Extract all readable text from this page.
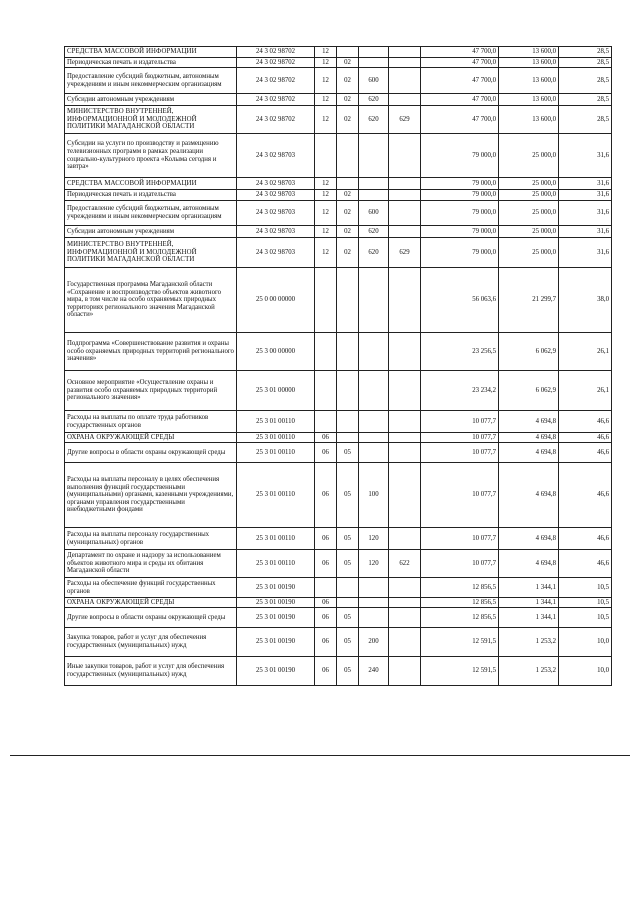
СРЕДСТВА МАССОВОЙ ИНФОРМАЦИИ	24 3 02 98702	12				47 700,0	13 600,0	28,5
Периодическая печать и издательства	24 3 02 98702	12	02			47 700,0	13 600,0	28,5
Предоставление субсидий бюджетным, автономным учреждениям и иным некоммерческим организациям	24 3 02 98702	12	02	600		47 700,0	13 600,0	28,5
Субсидии автономным учреждениям	24 3 02 98702	12	02	620		47 700,0	13 600,0	28,5
МИНИСТЕРСТВО ВНУТРЕННЕЙ, ИНФОРМАЦИОННОЙ И МОЛОДЕЖНОЙ ПОЛИТИКИ МАГАДАНСКОЙ ОБЛАСТИ	24 3 02 98702	12	02	620	629	47 700,0	13 600,0	28,5
Субсидии на услуги по производству и размещению телевизионных программ в рамках реализации социально-культурного проекта «Колыма сегодня и завтра»	24 3 02 98703					79 000,0	25 000,0	31,6
СРЕДСТВА МАССОВОЙ ИНФОРМАЦИИ	24 3 02 98703	12				79 000,0	25 000,0	31,6
Периодическая печать и издательства	24 3 02 98703	12	02			79 000,0	25 000,0	31,6
Предоставление субсидий бюджетным, автономным учреждениям и иным некоммерческим организациям	24 3 02 98703	12	02	600		79 000,0	25 000,0	31,6
Субсидии автономным учреждениям	24 3 02 98703	12	02	620		79 000,0	25 000,0	31,6
МИНИСТЕРСТВО ВНУТРЕННЕЙ, ИНФОРМАЦИОННОЙ И МОЛОДЕЖНОЙ ПОЛИТИКИ МАГАДАНСКОЙ ОБЛАСТИ	24 3 02 98703	12	02	620	629	79 000,0	25 000,0	31,6
Государственная программа Магаданской области «Сохранение и воспроизводство объектов животного мира, в том числе на особо охраняемых природных территориях регионального значения Магаданской области»	25 0 00 00000					56 063,6	21 299,7	38,0
Подпрограмма «Совершенствование развития и охраны особо охраняемых природных территорий регионального значения»	25 3 00 00000					23 256,5	6 062,9	26,1
Основное мероприятие «Осуществление охраны и развития особо охраняемых природных территорий регионального значения»	25 3 01 00000					23 234,2	6 062,9	26,1
Расходы на выплаты по оплате труда работников государственных органов	25 3 01 00110					10 077,7	4 694,8	46,6
ОХРАНА ОКРУЖАЮЩЕЙ СРЕДЫ	25 3 01 00110	06				10 077,7	4 694,8	46,6
Другие вопросы в области охраны окружающей среды	25 3 01 00110	06	05			10 077,7	4 694,8	46,6
Расходы на выплаты персоналу в целях обеспечения выполнения функций государственными (муниципальными) органами, казенными учреждениями, органами управления государственными внебюджетными фондами	25 3 01 00110	06	05	100		10 077,7	4 694,8	46,6
Расходы на выплаты персоналу государственных (муниципальных) органов	25 3 01 00110	06	05	120		10 077,7	4 694,8	46,6
Департамент по охране и надзору за использованием объектов животного мира и среды их обитания Магаданской области	25 3 01 00110	06	05	120	622	10 077,7	4 694,8	46,6
Расходы на обеспечение функций государственных органов	25 3 01 00190					12 856,5	1 344,1	10,5
ОХРАНА ОКРУЖАЮЩЕЙ СРЕДЫ	25 3 01 00190	06				12 856,5	1 344,1	10,5
Другие вопросы в области охраны окружающей среды	25 3 01 00190	06	05			12 856,5	1 344,1	10,5
Закупка товаров, работ и услуг для обеспечения государственных (муниципальных) нужд	25 3 01 00190	06	05	200		12 591,5	1 253,2	10,0
Иные закупки товаров, работ и услуг для обеспечения государственных (муниципальных) нужд	25 3 01 00190	06	05	240		12 591,5	1 253,2	10,0
